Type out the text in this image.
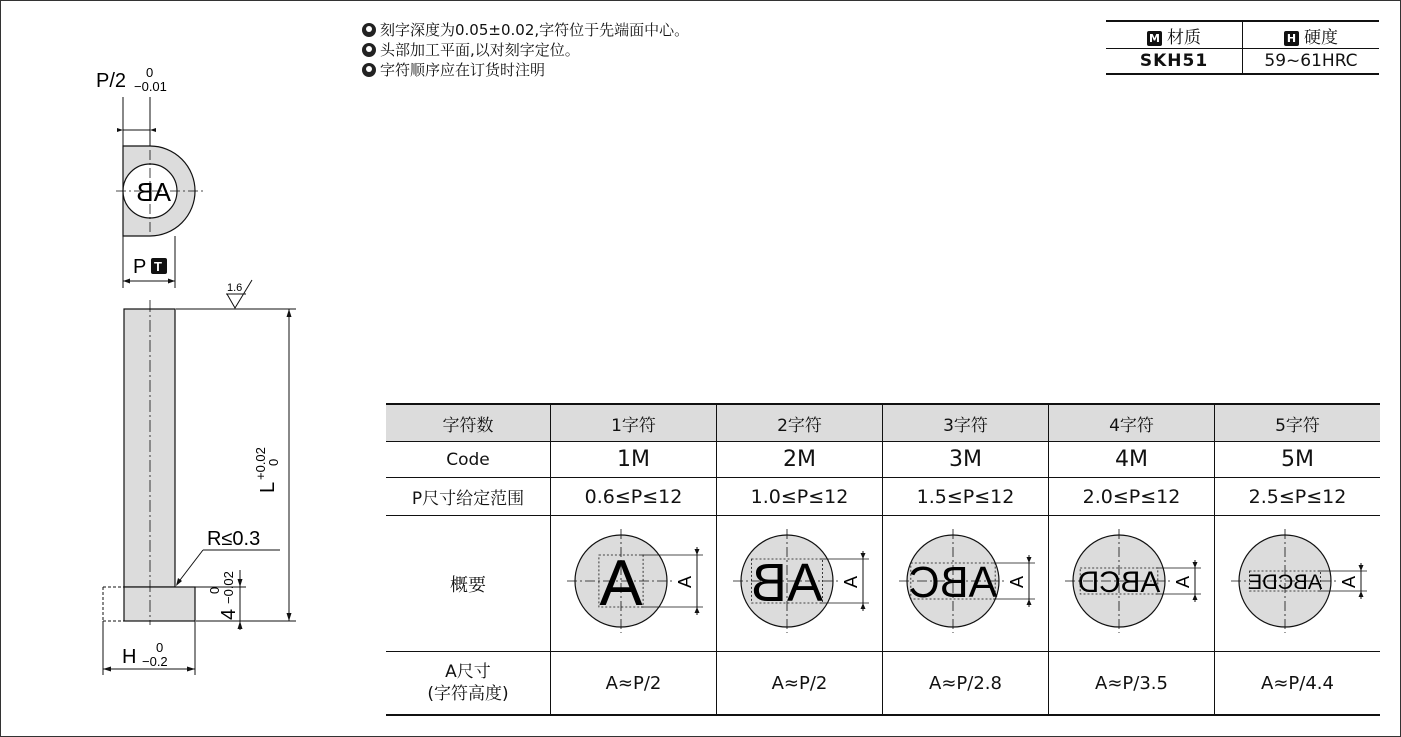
P/2 0
−0.01
AB
P T
1.6
L
+0.02
0
R≤0.3
4
0 −0.02
H 0
−0.2
刻字深度为0.05±0.02,字符位于先端面中心。
头部加工平面,以对刻字定位。
字符顺序应在订货时注明
M 材质	H 硬度
SKH51	59~61HRC
字符数	1字符	2字符	3字符	4字符	5字符
Code	1M	2M	3M	4M	5M
P尺寸给定范围	0.6≤P≤12	1.0≤P≤12	1.5≤P≤12	2.0≤P≤12	2.5≤P≤12
概要	A A	AB A	ABC A	ABCD A	ABCDE A

A尺寸
(字符高度)	A≈P/2	A≈P/2	A≈P/2.8	A≈P/3.5	A≈P/4.4
